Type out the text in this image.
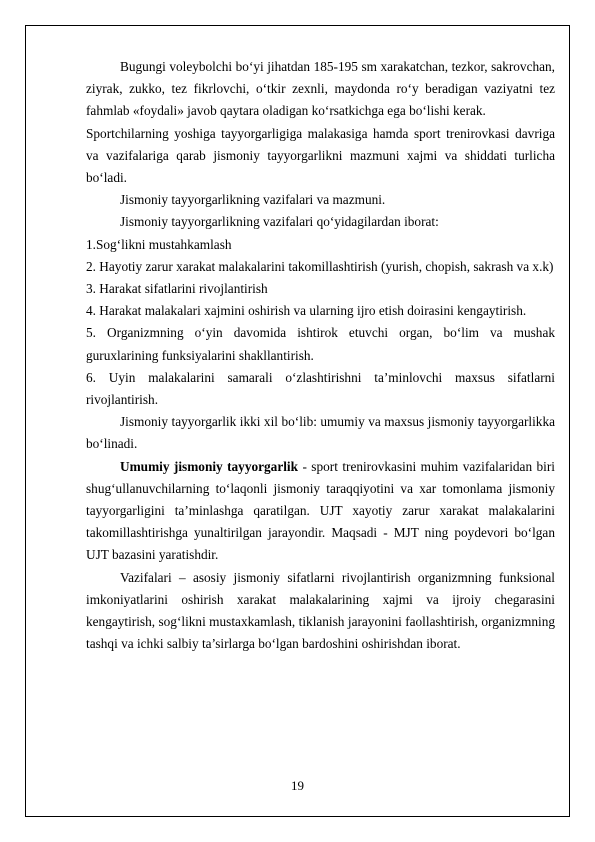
Bugungi voleybolchi bo‘yi jihatdan 185-195 sm xarakatchan, tezkor, sakrovchan, ziyrak, zukko, tez fikrlovchi, o‘tkir zexnli, maydonda ro‘y beradigan vaziyatni tez fahmlab «foydali» javob qaytara oladigan ko‘rsatkichga ega bo‘lishi kerak.

Sportchilarning yoshiga tayyorgarligiga malakasiga hamda sport trenirovkasi davriga va vazifalariga qarab jismoniy tayyorgarlikni mazmuni xajmi va shiddati turlicha bo‘ladi.

Jismoniy tayyorgarlikning vazifalari va mazmuni.

Jismoniy tayyorgarlikning vazifalari qo‘yidagilardan iborat:

1.Sog‘likni mustahkamlash

2. Hayotiy zarur xarakat malakalarini takomillashtirish (yurish, chopish, sakrash va x.k)

3. Harakat sifatlarini rivojlantirish

4. Harakat malakalari xajmini oshirish va ularning ijro etish doirasini kengaytirish.

5. Organizmning o‘yin davomida ishtirok etuvchi organ, bo‘lim va mushak guruxlarining funksiyalarini shakllantirish.

6. Uyin malakalarini samarali o‘zlashtirishni ta’minlovchi maxsus sifatlarni rivojlantirish.

Jismoniy tayyorgarlik ikki xil bo‘lib: umumiy va maxsus jismoniy tayyorgarlikka bo‘linadi.

Umumiy jismoniy tayyorgarlik - sport trenirovkasini muhim vazifalaridan biri shug‘ullanuvchilarning to‘laqonli jismoniy taraqqiyotini va xar tomonlama jismoniy tayyorgarligini ta’minlashga qaratilgan. UJT xayotiy zarur xarakat malakalarini takomillashtirishga yunaltirilgan jarayondir. Maqsadi - MJT ning poydevori bo‘lgan UJT bazasini yaratishdir.

Vazifalari – asosiy jismoniy sifatlarni rivojlantirish organizmning funksional imkoniyatlarini oshirish xarakat malakalarining xajmi va ijroiy chegarasini kengaytirish, sog‘likni mustaxkamlash, tiklanish jarayonini faollashtirish, organizmning tashqi va ichki salbiy ta’sirlarga bo‘lgan bardoshini oshirishdan iborat.

19
